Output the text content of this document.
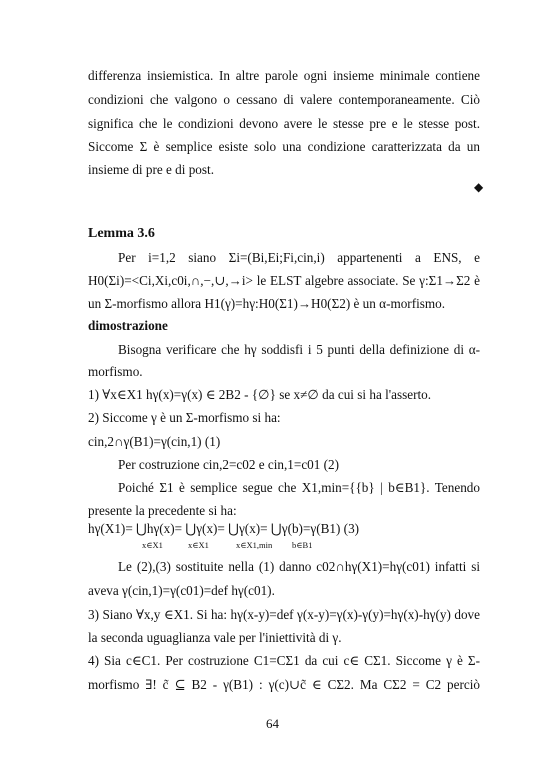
differenza insiemistica. In altre parole ogni insieme minimale contiene
condizioni che valgono o cessano di valere contemporaneamente. Ciò
significa che le condizioni devono avere le stesse pre e le stesse post.
Siccome Σ è semplice esiste solo una condizione caratterizzata da un
insieme di pre e di post.
◆
Lemma 3.6
Per i=1,2 siano Σi=(Bi,Ei;Fi,cin,i) appartenenti a ENS, e
H0(Σi)=<Ci,Xi,c0i,∩,−,∪,→i> le ELST algebre associate. Se γ:Σ1→Σ2 è
un Σ-morfismo allora H1(γ)=hγ:H0(Σ1)→H0(Σ2) è un α-morfismo.
dimostrazione
Bisogna verificare che hγ soddisfi i 5 punti della definizione di α-
morfismo.
1) ∀x∈X1 hγ(x)=γ(x) ∈ 2B2 - {∅} se x≠∅ da cui si ha l'asserto.
2) Siccome γ è un Σ-morfismo si ha:
cin,2∩γ(B1)=γ(cin,1) (1)
Per costruzione cin,2=c02 e cin,1=c01 (2)
Poiché Σ1 è semplice segue che X1,min={{b} | b∈B1}. Tenendo
presente la precedente si ha:
hγ(X1)= ⋃hγ(x)= ⋃γ(x)= ⋃γ(x)= ⋃γ(b)=γ(B1) (3)
x∈X1	x∈X1	x∈X1,min b∈B1
Le (2),(3) sostituite nella (1) danno c02∩hγ(X1)=hγ(c01) infatti si
aveva γ(cin,1)=γ(c01)=def hγ(c01).
3) Siano ∀x,y ∈X1. Si ha: hγ(x-y)=def γ(x-y)=γ(x)-γ(y)=hγ(x)-hγ(y) dove
la seconda uguaglianza vale per l'iniettività di γ.
4) Sia c∈C1. Per costruzione C1=CΣ1 da cui c∈ CΣ1. Siccome γ è Σ-
morfismo ∃! c̃ ⊆ B2 - γ(B1) : γ(c)∪c̃ ∈ CΣ2. Ma CΣ2 = C2 perciò
64
